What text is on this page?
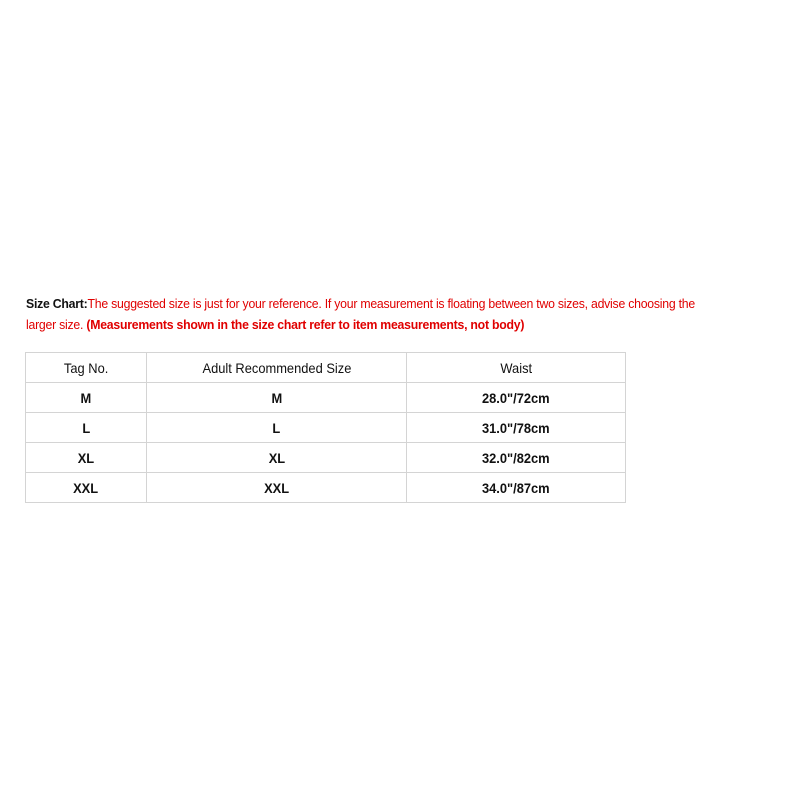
Size Chart:The suggested size is just for your reference. If your measurement is floating between two sizes, advise choosing the
larger size. (Measurements shown in the size chart refer to item measurements, not body)
Tag No.	Adult Recommended Size	Waist
M	M	28.0"/72cm
L	L	31.0"/78cm
XL	XL	32.0"/82cm
XXL	XXL	34.0"/87cm
